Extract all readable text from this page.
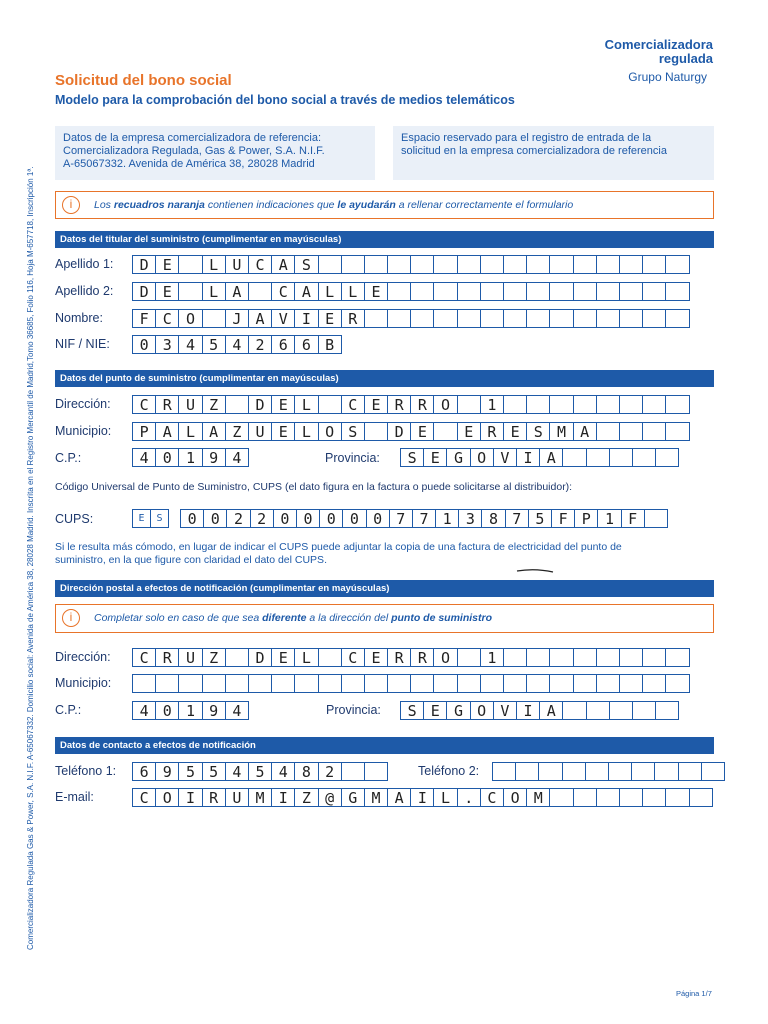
Comercializadora
regulada
Grupo Naturgy
Solicitud del bono social
Modelo para la comprobación del bono social a través de medios telemáticos
Comercializadora Regulada Gas & Power, S.A. N.I.F. A-65067332. Domicilio social: Avenida de América 38, 28028 Madrid. Inscrita en el Registro Mercantil de Madrid,Tomo 36685, Folio 116, Hoja M-657718, Inscripción 1ª.
Datos de la empresa comercializadora de referencia:
Comercializadora Regulada, Gas & Power, S.A. N.I.F.
A-65067332. Avenida de América 38, 28028 Madrid
Espacio reservado para el registro de entrada de la
solicitud en la empresa comercializadora de referencia
i	Los recuadros naranja contienen indicaciones que le ayudarán a rellenar correctamente el formulario
Datos del titular del suministro (cumplimentar en mayúsculas)
Apellido 1:	D E	L U C A S
Apellido 2:	D E	L A	C A L L E
Nombre:	F C O	J A V I E R
NIF / NIE:	0 3 4 5 4 2 6 6 B
Datos del punto de suministro (cumplimentar en mayúsculas)
Dirección:	C R U Z	D E L	C E R R O	1
Municipio:	P A L A Z U E L O S	D E	E R E S M A
C.P.:	4 0 1 9 4	Provincia:	S E G O V I A
Código Universal de Punto de Suministro, CUPS (el dato figura en la factura o puede solicitarse al distribuidor):
CUPS:	E	S	0 0 2 2 0 0 0 0 0 7 7 1 3 8 7 5 F P 1 F
Si le resulta más cómodo, en lugar de indicar el CUPS puede adjuntar la copia de una factura de electricidad del punto de
suministro, en la que figure con claridad el dato del CUPS.
Dirección postal a efectos de notificación (cumplimentar en mayúsculas)
i	Completar solo en caso de que sea diferente a la dirección del punto de suministro
Dirección:	C R U Z	D E L	C E R R O	1
Municipio:
C.P.:	4 0 1 9 4	Provincia:	S E G O V I A
Datos de contacto a efectos de notificación
Teléfono 1:	6 9 5 5 4 5 4 8 2	Teléfono 2:
E-mail:	C O I R U M I Z @ G M A I L . C O M
Página 1/7
